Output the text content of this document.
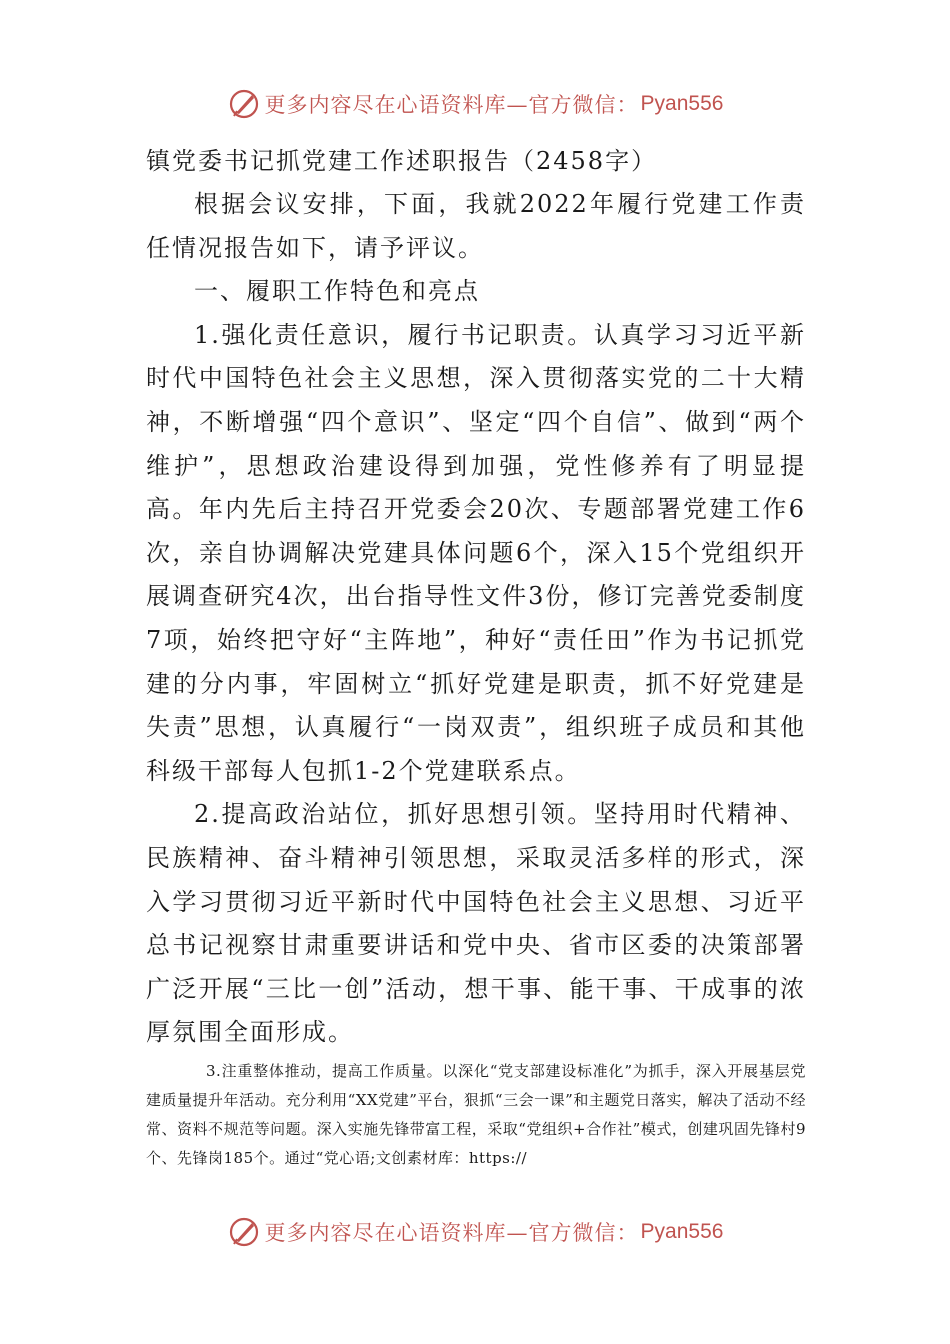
更多内容尽在心语资料库—官方微信： Pyan556
镇党委书记抓党建工作述职报告（2458字）

根据会议安排，下面，我就2022年履行党建工作责任情况报告如下，请予评议。

一、履职工作特色和亮点

1.强化责任意识，履行书记职责。认真学习习近平新时代中国特色社会主义思想，深入贯彻落实党的二十大精神，不断增强“四个意识”、坚定“四个自信”、做到“两个维护”，思想政治建设得到加强，党性修养有了明显提高。年内先后主持召开党委会20次、专题部署党建工作6次，亲自协调解决党建具体问题6个，深入15个党组织开展调查研究4次，出台指导性文件3份，修订完善党委制度7项，始终把守好“主阵地”，种好“责任田”作为书记抓党建的分内事，牢固树立“抓好党建是职责，抓不好党建是失责”思想，认真履行“一岗双责”，组织班子成员和其他科级干部每人包抓1-2个党建联系点。

2.提高政治站位，抓好思想引领。坚持用时代精神、民族精神、奋斗精神引领思想，采取灵活多样的形式，深入学习贯彻习近平新时代中国特色社会主义思想、习近平总书记视察甘肃重要讲话和党中央、省市区委的决策部署广泛开展“三比一创”活动，想干事、能干事、干成事的浓厚氛围全面形成。

3.注重整体推动，提高工作质量。以深化“党支部建设标准化”为抓手，深入开展基层党建质量提升年活动。充分利用“XX党建”平台，狠抓“三会一课”和主题党日落实，解决了活动不经常、资料不规范等问题。深入实施先锋带富工程，采取“党组织+合作社”模式，创建巩固先锋村9个、先锋岗185个。通过“党心语;文创素材库：https://

更多内容尽在心语资料库—官方微信： Pyan556
